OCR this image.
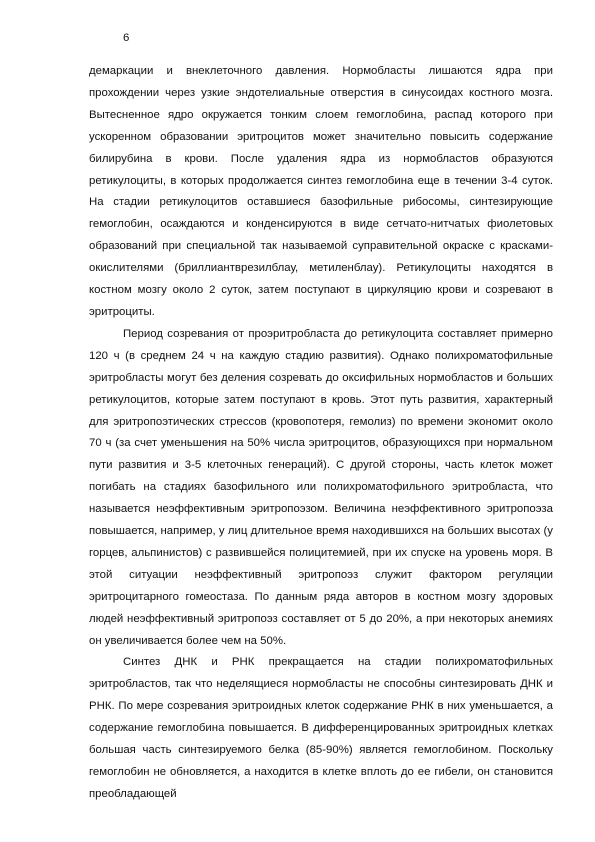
6

демаркации и внеклеточного давления. Нормобласты лишаются ядра при прохождении через узкие эндотелиальные отверстия в синусоидах костного мозга. Вытесненное ядро окружается тонким слоем гемоглобина, распад которого при ускоренном образовании эритроцитов может значительно повысить содержание билирубина в крови. После удаления ядра из нормобластов образуются ретикулоциты, в которых продолжается синтез гемоглобина еще в течении 3-4 суток. На стадии ретикулоцитов оставшиеся базофильные рибосомы, синтезирующие гемоглобин, осаждаются и конденсируются в виде сетчато-нитчатых фиолетовых образований при специальной так называемой суправительной окраске с красками-окислителями (бриллиантврезилблау, метиленблау). Ретикулоциты находятся в костном мозгу около 2 суток, затем поступают в циркуляцию крови и созревают в эритроциты.

Период созревания от проэритробласта до ретикулоцита составляет примерно 120 ч (в среднем 24 ч на каждую стадию развития). Однако полихроматофильные эритробласты могут без деления созревать до оксифильных нормобластов и больших ретикулоцитов, которые затем поступают в кровь. Этот путь развития, характерный для эритропоэтических стрессов (кровопотеря, гемолиз) по времени экономит около 70 ч (за счет уменьшения на 50% числа эритроцитов, образующихся при нормальном пути развития и 3-5 клеточных генераций). С другой стороны, часть клеток может погибать на стадиях базофильного или полихроматофильного эритробласта, что называется неэффективным эритропоэзом. Величина неэффективного эритропоэза повышается, например, у лиц длительное время находившихся на больших высотах (у горцев, альпинистов) с развившейся полицитемией, при их спуске на уровень моря. В этой ситуации неэффективный эритропоэз служит фактором регуляции эритроцитарного гомеостаза. По данным ряда авторов в костном мозгу здоровых людей неэффективный эритропоэз составляет от 5 до 20%, а при некоторых анемиях он увеличивается более чем на 50%.

Синтез ДНК и РНК прекращается на стадии полихроматофильных эритробластов, так что неделящиеся нормобласты не способны синтезировать ДНК и РНК. По мере созревания эритроидных клеток содержание РНК в них уменьшается, а содержание гемоглобина повышается. В дифференцированных эритроидных клетках большая часть синтезируемого белка (85-90%) является гемоглобином. Поскольку гемоглобин не обновляется, а находится в клетке вплоть до ее гибели, он становится преобладающей
